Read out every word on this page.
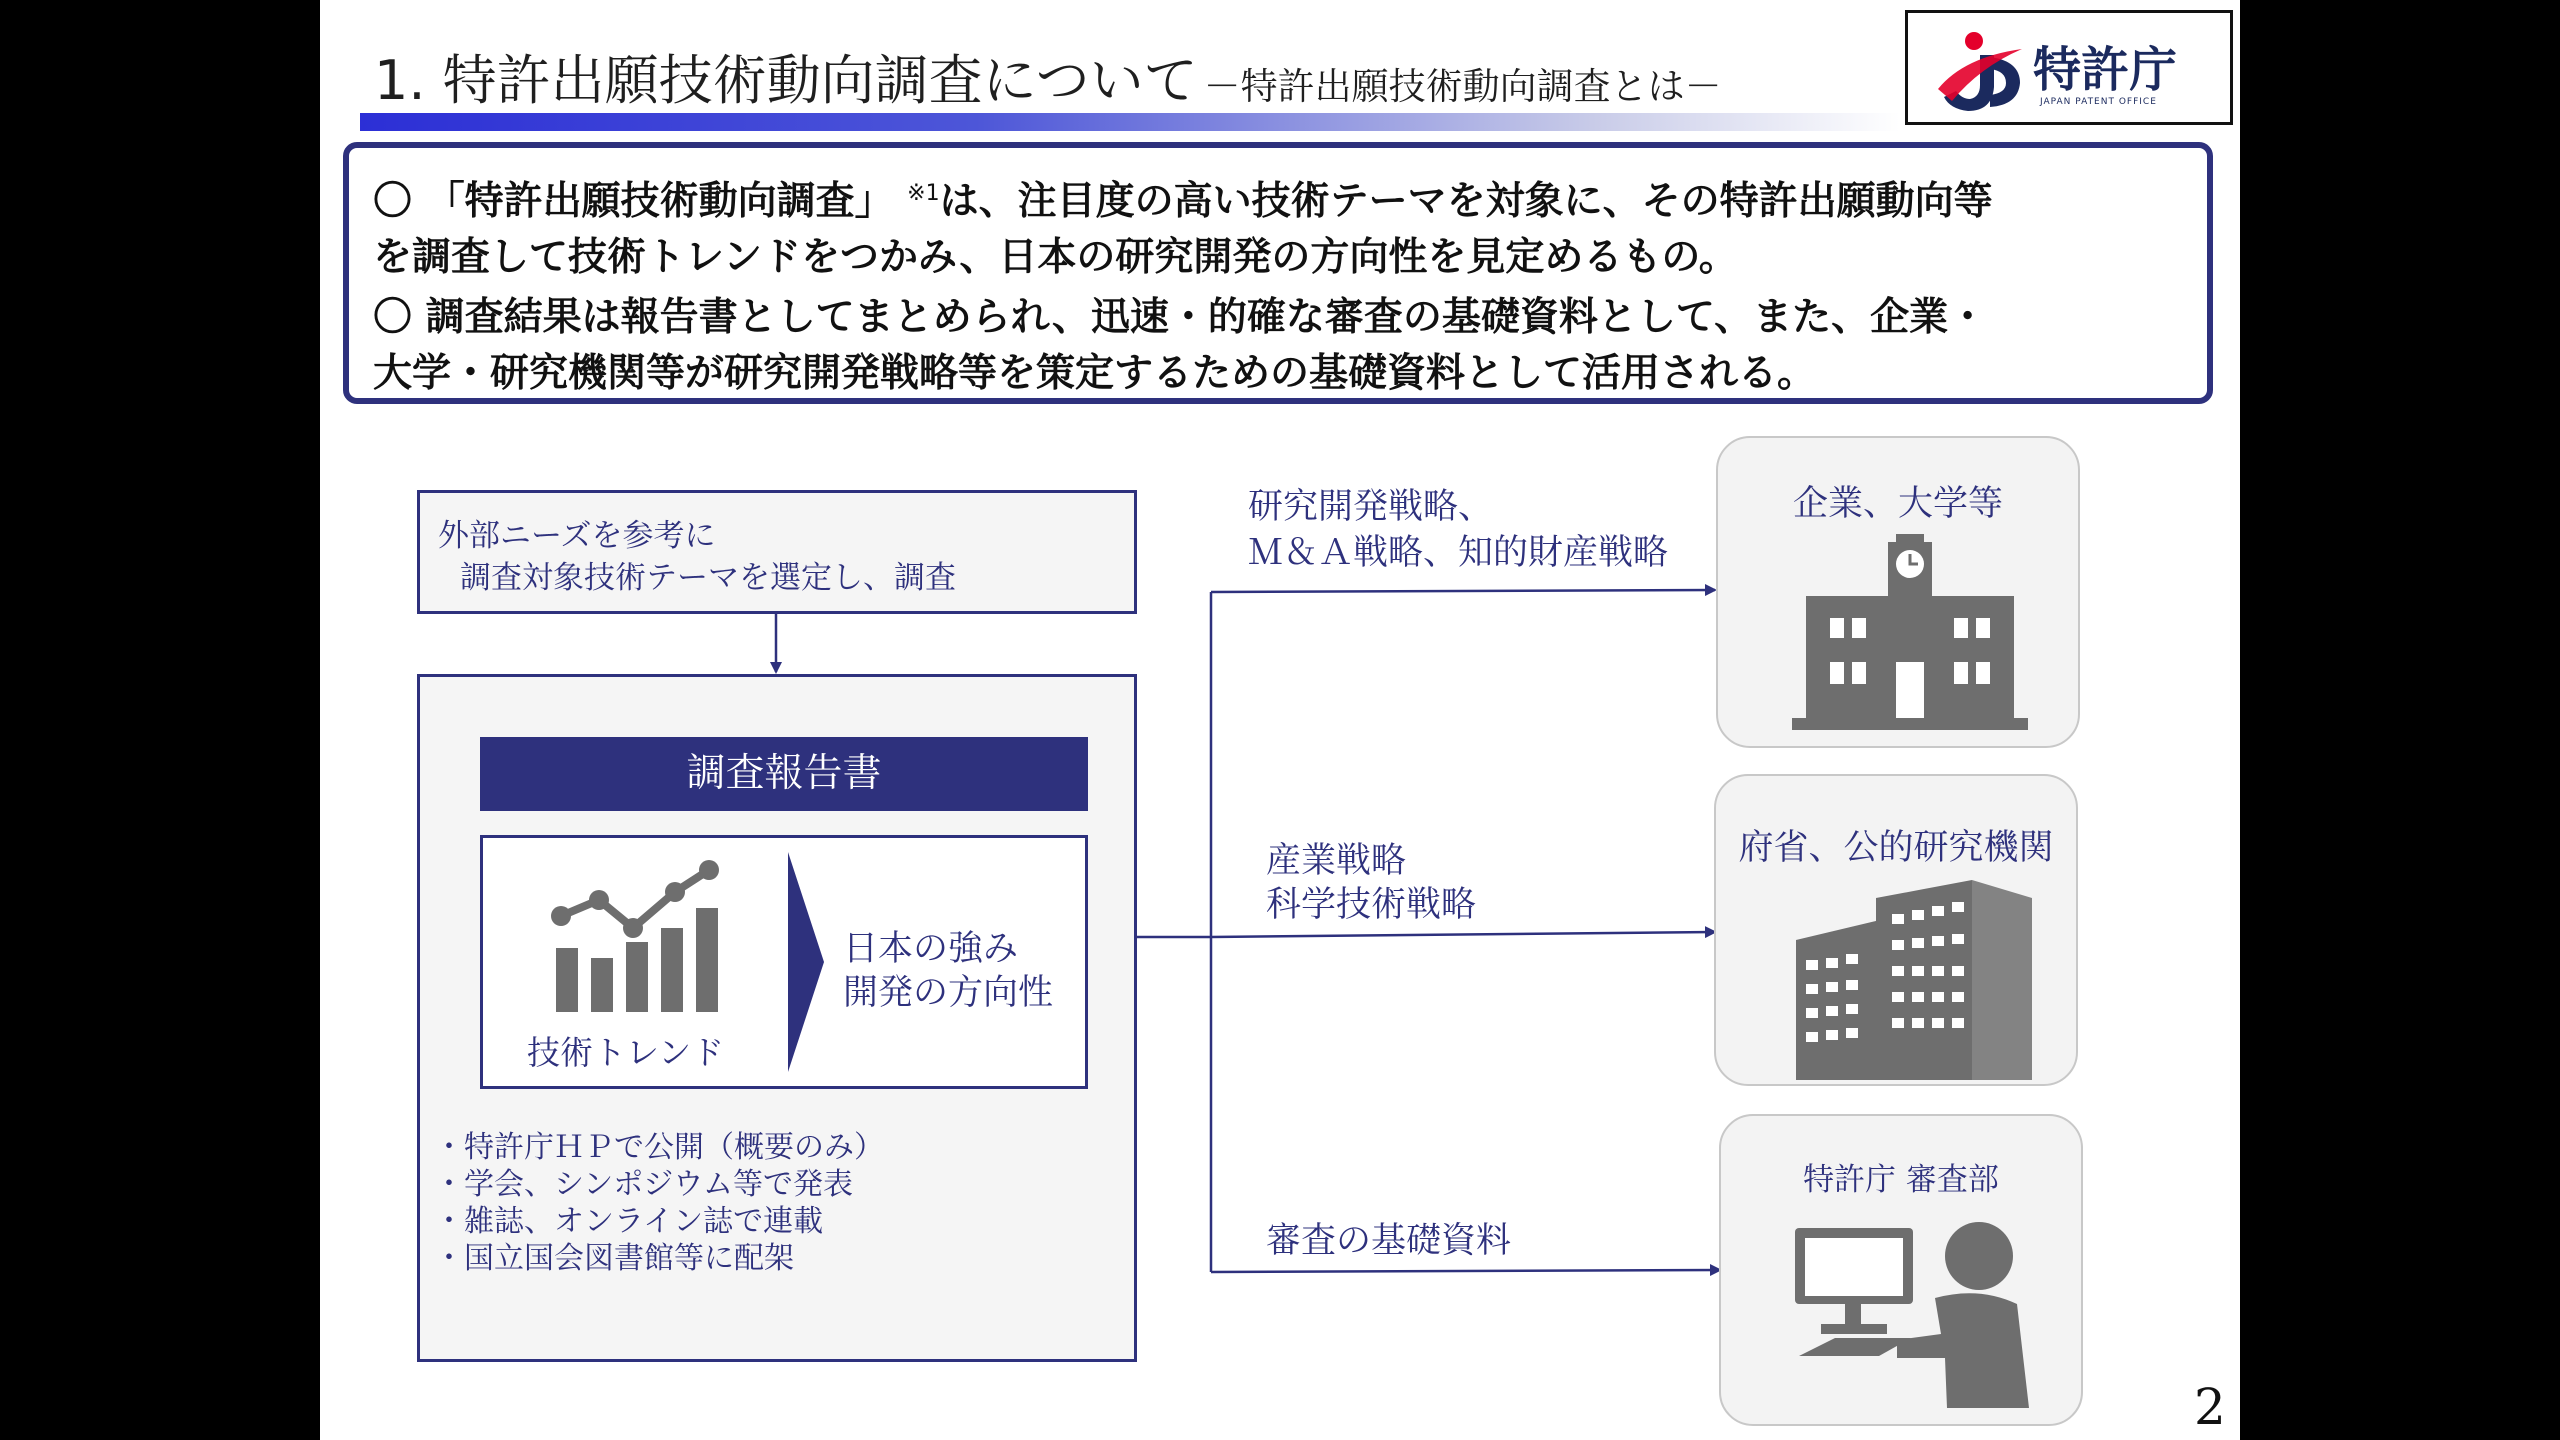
1. 特許出願技術動向調査について －特許出願技術動向調査とは－	特許庁
JAPAN PATENT OFFICE

〇 「特許出願技術動向調査」 $^{※1}$は、注目度の高い技術テーマを対象に、その特許出願動向等

を調査して技術トレンドをつかみ、日本の研究開発の方向性を見定めるもの。

〇 調査結果は報告書としてまとめられ、迅速・的確な審査の基礎資料として、また、企業・

大学・研究機関等が研究開発戦略等を策定するための基礎資料として活用される。

外部ニーズを参考に
調査対象技術テーマを選定し、調査
調査報告書
技術トレンド
日本の強み
開発の方向性
・特許庁ＨＰで公開（概要のみ）
・学会、シンポジウム等で発表
・雑誌、オンライン誌で連載
・国立国会図書館等に配架
研究開発戦略、
Ｍ＆Ａ戦略、知的財産戦略
産業戦略
科学技術戦略
審査の基礎資料
企業、大学等
府省、公的研究機関
特許庁 審査部
2
